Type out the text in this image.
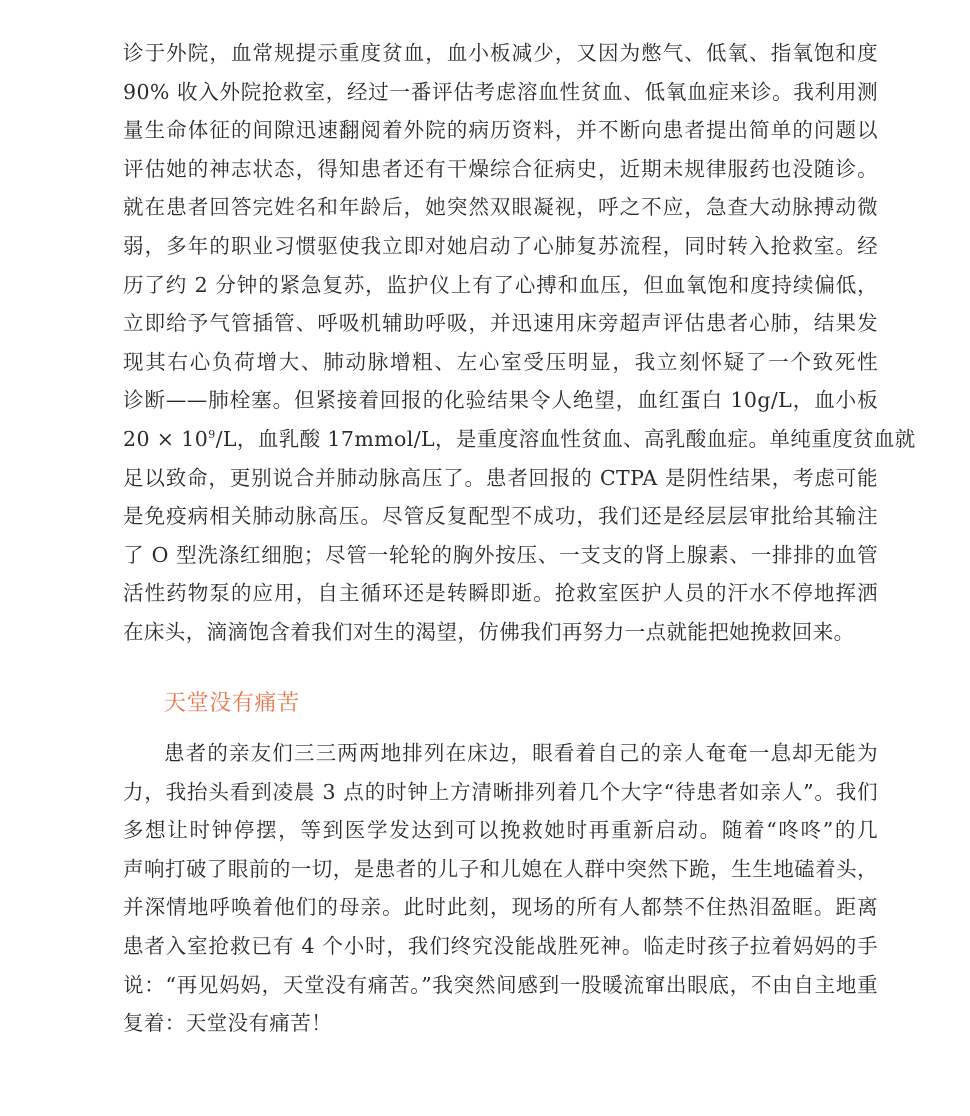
诊于外院，血常规提示重度贫血，血小板减少，又因为憋气、低氧、指氧饱和度
90% 收入外院抢救室，经过一番评估考虑溶血性贫血、低氧血症来诊。我利用测
量生命体征的间隙迅速翻阅着外院的病历资料，并不断向患者提出简单的问题以
评估她的神志状态，得知患者还有干燥综合征病史，近期未规律服药也没随诊。
就在患者回答完姓名和年龄后，她突然双眼凝视，呼之不应，急查大动脉搏动微
弱，多年的职业习惯驱使我立即对她启动了心肺复苏流程，同时转入抢救室。经
历了约 2 分钟的紧急复苏，监护仪上有了心搏和血压，但血氧饱和度持续偏低，
立即给予气管插管、呼吸机辅助呼吸，并迅速用床旁超声评估患者心肺，结果发
现其右心负荷增大、肺动脉增粗、左心室受压明显，我立刻怀疑了一个致死性
诊断——肺栓塞。但紧接着回报的化验结果令人绝望，血红蛋白 10g/L，血小板
$20 \times 10^9/L$，血乳酸 17mmol/L，是重度溶血性贫血、高乳酸血症。单纯重度贫血就
足以致命，更别说合并肺动脉高压了。患者回报的 CTPA 是阴性结果，考虑可能
是免疫病相关肺动脉高压。尽管反复配型不成功，我们还是经层层审批给其输注
了 O 型洗涤红细胞；尽管一轮轮的胸外按压、一支支的肾上腺素、一排排的血管
活性药物泵的应用，自主循环还是转瞬即逝。抢救室医护人员的汗水不停地挥洒
在床头，滴滴饱含着我们对生的渴望，仿佛我们再努力一点就能把她挽救回来。
天堂没有痛苦
患者的亲友们三三两两地排列在床边，眼看着自己的亲人奄奄一息却无能为
力，我抬头看到凌晨 3 点的时钟上方清晰排列着几个大字“待患者如亲人”。我们
多想让时钟停摆，等到医学发达到可以挽救她时再重新启动。随着“咚咚”的几
声响打破了眼前的一切，是患者的儿子和儿媳在人群中突然下跪，生生地磕着头，
并深情地呼唤着他们的母亲。此时此刻，现场的所有人都禁不住热泪盈眶。距离
患者入室抢救已有 4 个小时，我们终究没能战胜死神。临走时孩子拉着妈妈的手
说：“再见妈妈，天堂没有痛苦。”我突然间感到一股暖流窜出眼底，不由自主地重
复着：天堂没有痛苦！
